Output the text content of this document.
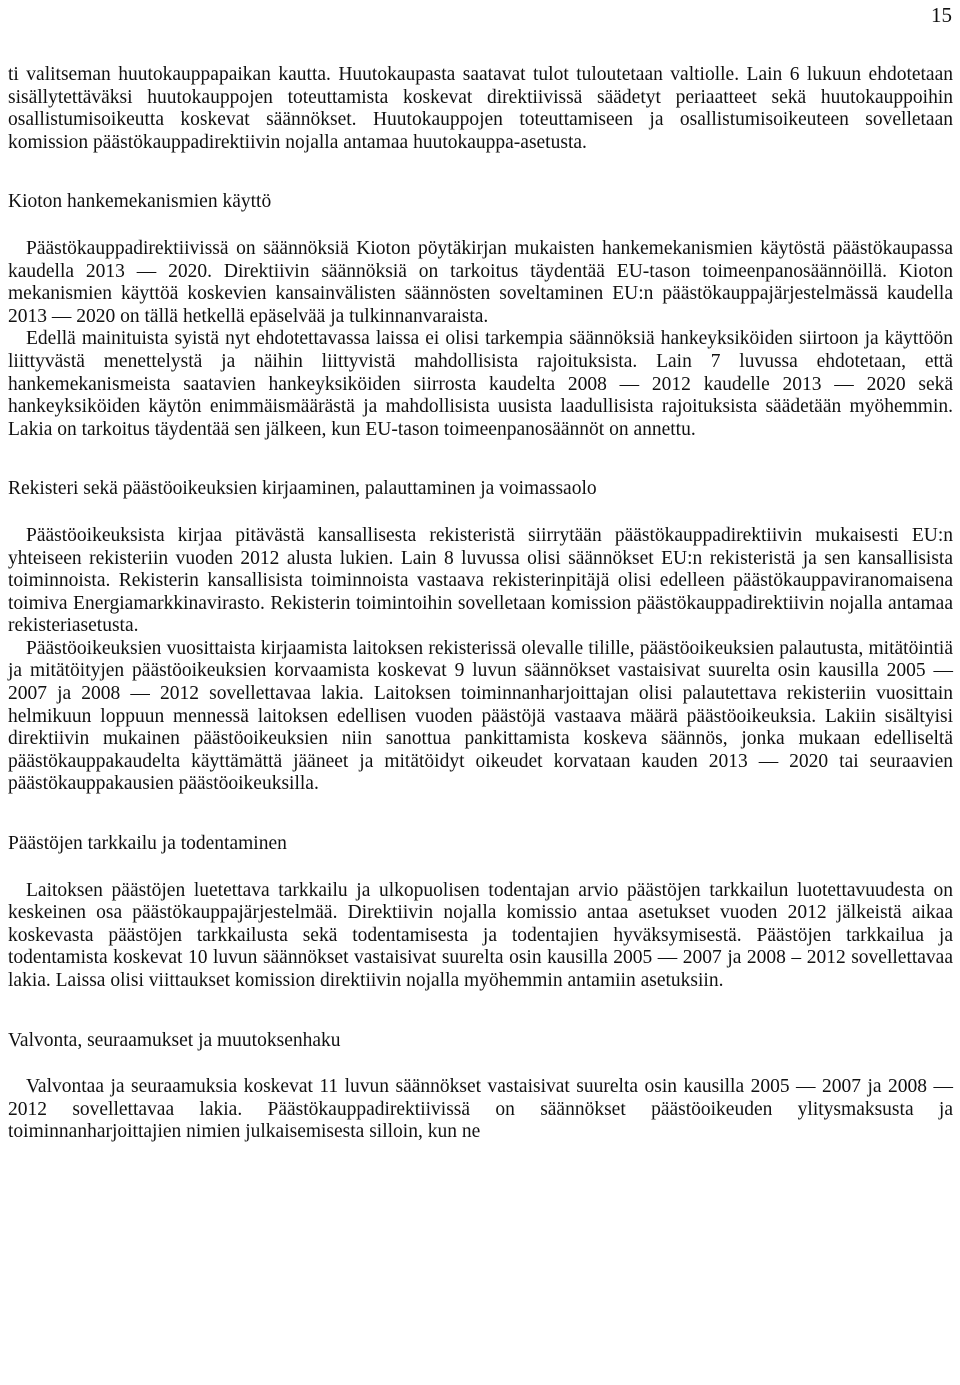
15

ti valitseman huutokauppapaikan kautta. Huutokaupasta saatavat tulot tuloutetaan valtiolle. Lain 6 lukuun ehdotetaan sisällytettäväksi huutokauppojen toteuttamista koskevat direktiivissä säädetyt periaatteet sekä huutokauppoihin osallistumisoikeutta koskevat säännökset. Huutokauppojen toteuttamiseen ja osallistumisoikeuteen sovelletaan komission päästökauppadirektiivin nojalla antamaa huutokauppa-asetusta.

Kioton hankemekanismien käyttö

Päästökauppadirektiivissä on säännöksiä Kioton pöytäkirjan mukaisten hankemekanismien käytöstä päästökaupassa kaudella 2013 — 2020. Direktiivin säännöksiä on tarkoitus täydentää EU-tason toimeenpanosäännöillä. Kioton mekanismien käyttöä koskevien kansainvälisten säännösten soveltaminen EU:n päästökauppajärjestelmässä kaudella 2013 — 2020 on tällä hetkellä epäselvää ja tulkinnanvaraista.

Edellä mainituista syistä nyt ehdotettavassa laissa ei olisi tarkempia säännöksiä hankeyksiköiden siirtoon ja käyttöön liittyvästä menettelystä ja näihin liittyvistä mahdollisista rajoituksista. Lain 7 luvussa ehdotetaan, että hankemekanismeista saatavien hankeyksiköiden siirrosta kaudelta 2008 — 2012 kaudelle 2013 — 2020 sekä hankeyksiköiden käytön enimmäismäärästä ja mahdollisista uusista laadullisista rajoituksista säädetään myöhemmin. Lakia on tarkoitus täydentää sen jälkeen, kun EU-tason toimeenpanosäännöt on annettu.

Rekisteri sekä päästöoikeuksien kirjaaminen, palauttaminen ja voimassaolo

Päästöoikeuksista kirjaa pitävästä kansallisesta rekisteristä siirrytään päästökauppadirektiivin mukaisesti EU:n yhteiseen rekisteriin vuoden 2012 alusta lukien. Lain 8 luvussa olisi säännökset EU:n rekisteristä ja sen kansallisista toiminnoista. Rekisterin kansallisista toiminnoista vastaava rekisterinpitäjä olisi edelleen päästökauppaviranomaisena toimiva Energiamarkkinavirasto. Rekisterin toimintoihin sovelletaan komission päästökauppadirektiivin nojalla antamaa rekisteriasetusta.

Päästöoikeuksien vuosittaista kirjaamista laitoksen rekisterissä olevalle tilille, päästöoikeuksien palautusta, mitätöintiä ja mitätöityjen päästöoikeuksien korvaamista koskevat 9 luvun säännökset vastaisivat suurelta osin kausilla 2005 — 2007 ja 2008 — 2012 sovellettavaa lakia. Laitoksen toiminnanharjoittajan olisi palautettava rekisteriin vuosittain helmikuun loppuun mennessä laitoksen edellisen vuoden päästöjä vastaava määrä päästöoikeuksia. Lakiin sisältyisi direktiivin mukainen päästöoikeuksien niin sanottua pankittamista koskeva säännös, jonka mukaan edelliseltä päästökauppakaudelta käyttämättä jääneet ja mitätöidyt oikeudet korvataan kauden 2013 — 2020 tai seuraavien päästökauppakausien päästöoikeuksilla.

Päästöjen tarkkailu ja todentaminen

Laitoksen päästöjen luetettava tarkkailu ja ulkopuolisen todentajan arvio päästöjen tarkkailun luotettavuudesta on keskeinen osa päästökauppajärjestelmää. Direktiivin nojalla komissio antaa asetukset vuoden 2012 jälkeistä aikaa koskevasta päästöjen tarkkailusta sekä todentamisesta ja todentajien hyväksymisestä. Päästöjen tarkkailua ja todentamista koskevat 10 luvun säännökset vastaisivat suurelta osin kausilla 2005 — 2007 ja 2008 – 2012 sovellettavaa lakia. Laissa olisi viittaukset komission direktiivin nojalla myöhemmin antamiin asetuksiin.

Valvonta, seuraamukset ja muutoksenhaku

Valvontaa ja seuraamuksia koskevat 11 luvun säännökset vastaisivat suurelta osin kausilla 2005 — 2007 ja 2008 — 2012 sovellettavaa lakia. Päästökauppadirektiivissä on säännökset päästöoikeuden ylitysmaksusta ja toiminnanharjoittajien nimien julkaisemisesta silloin, kun ne
